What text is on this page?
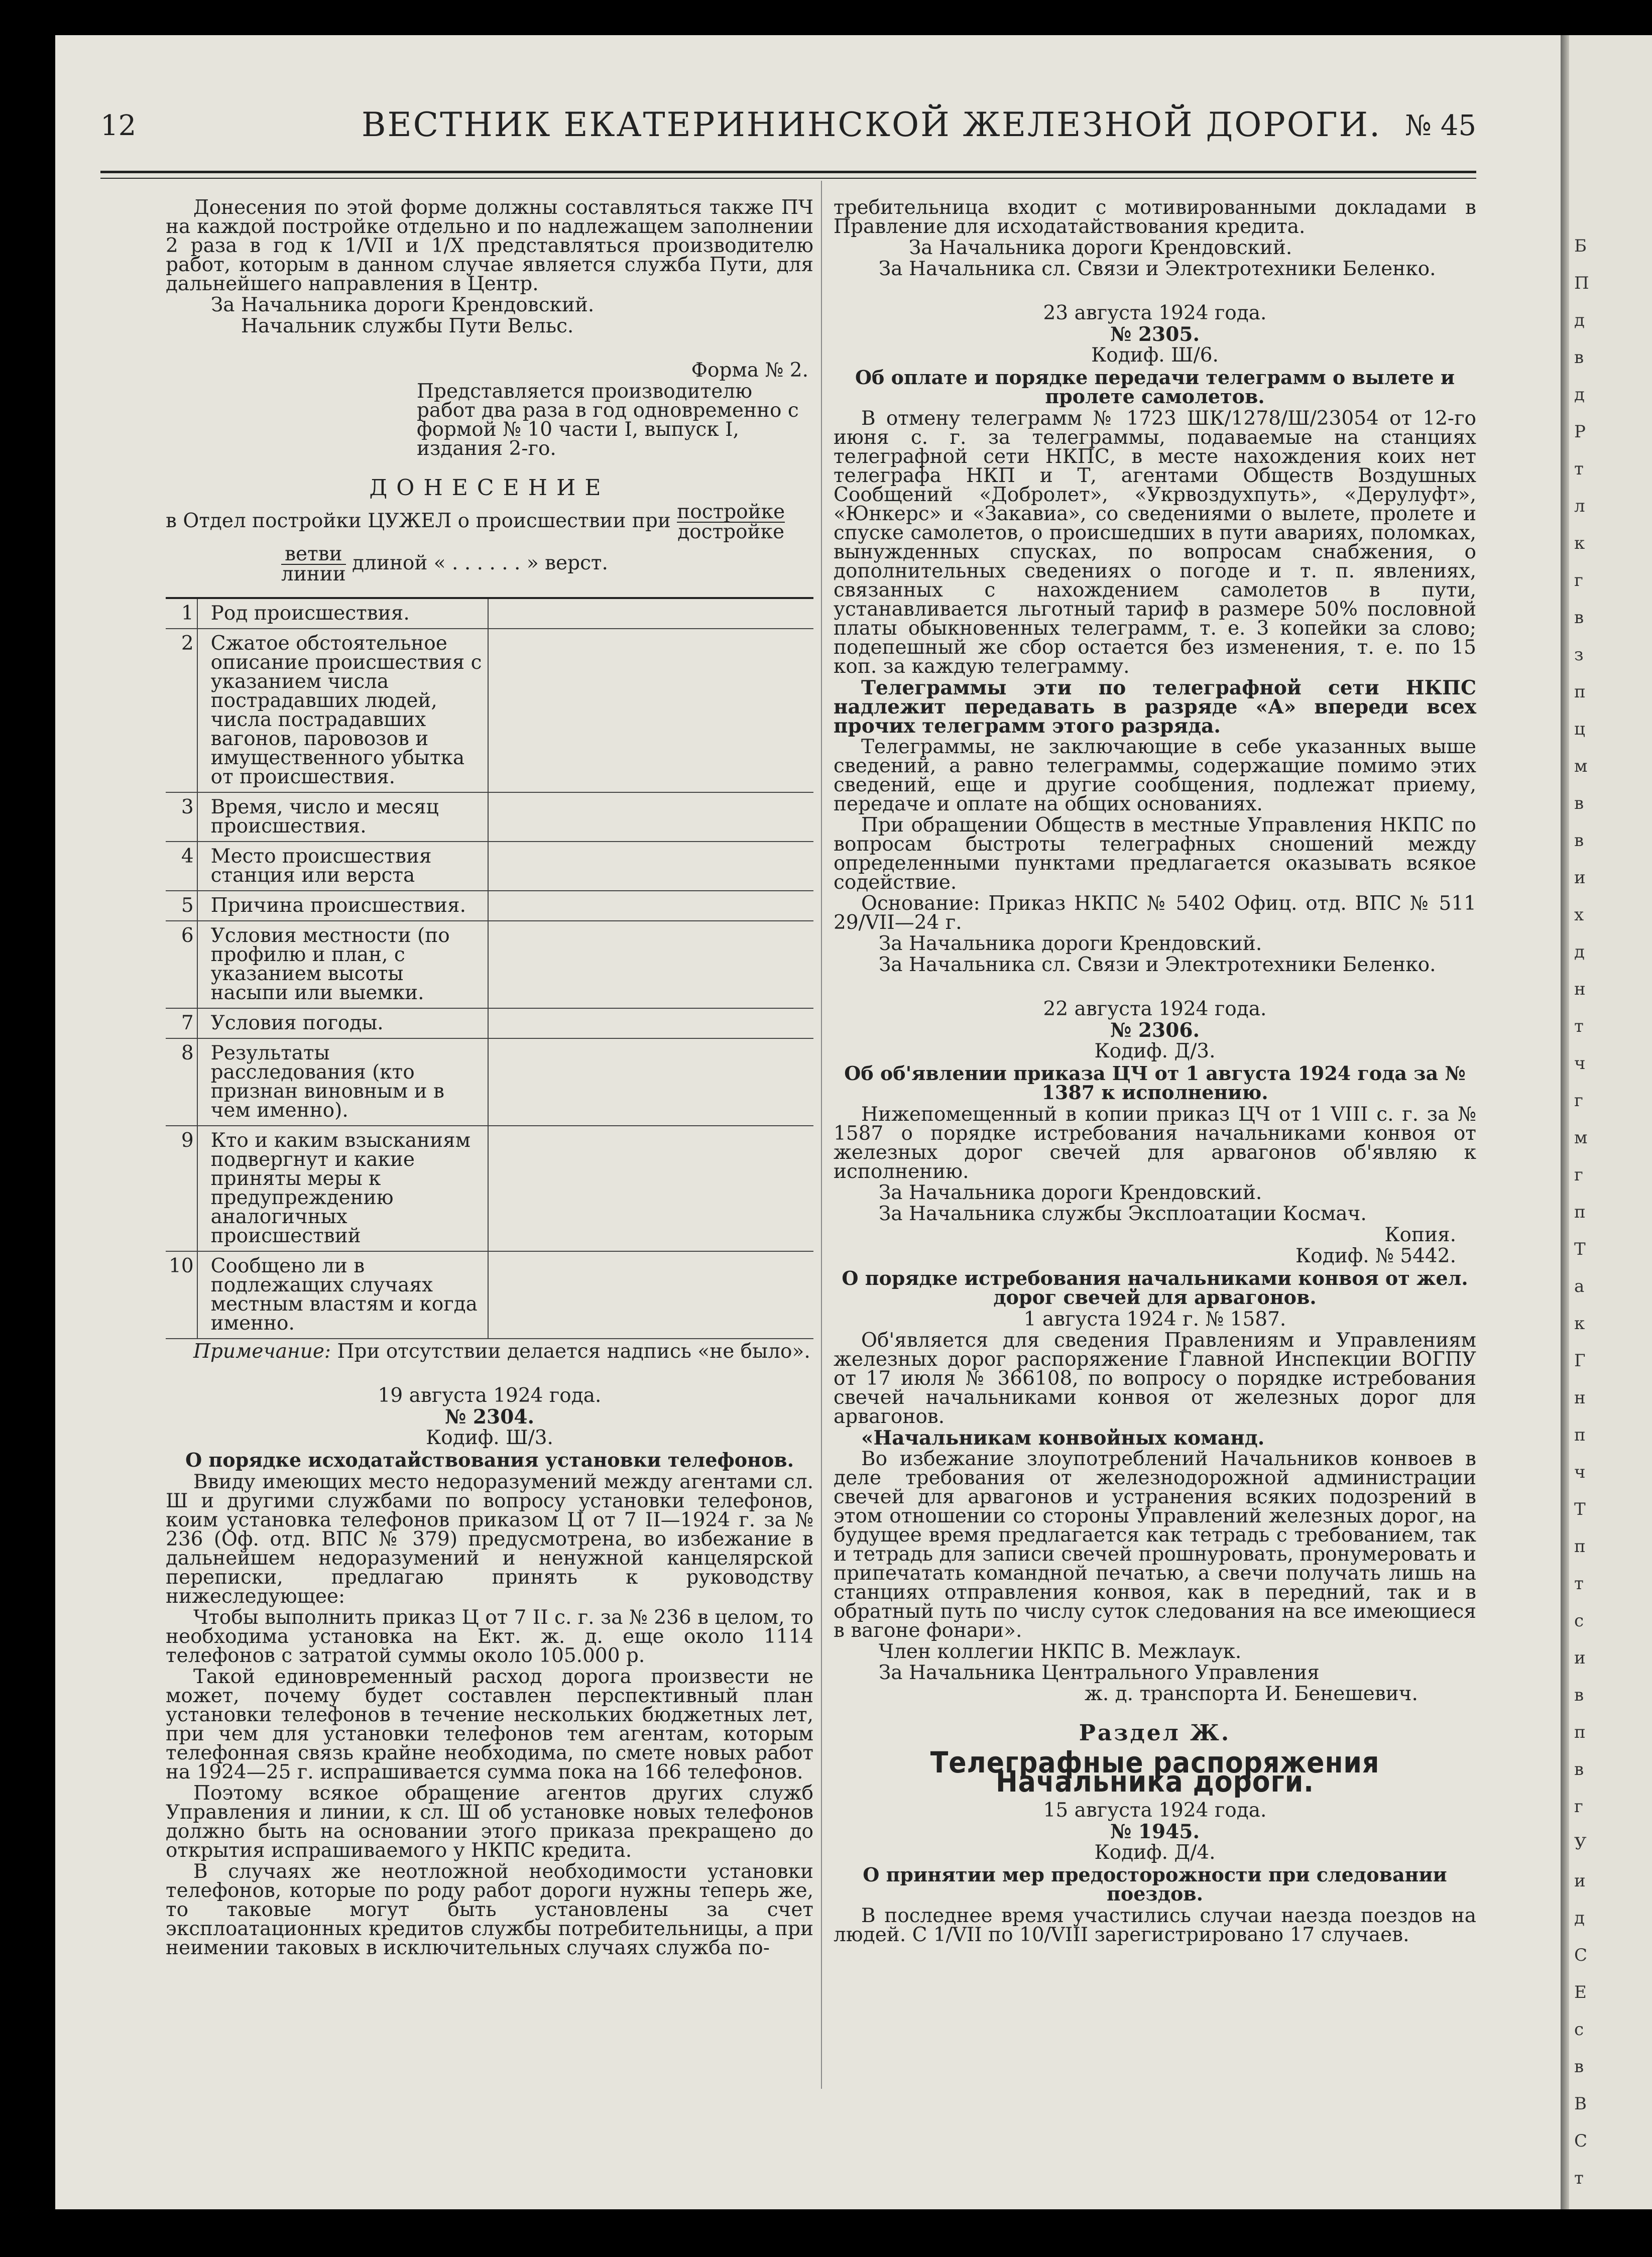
Б
П
д
в
д
Р
т
л
к
г
в
з
п
ц
м
в
в
и
х
д
н
т
ч
г
м
г
п
Т
а
к
Г
н
п
ч
Т
п
т
с
и
в
п
в
г
У
и
д
С
Е
с
в
В
С
т
12	ВЕСТНИК ЕКАТЕРИНИНСКОЙ ЖЕЛЕЗНОЙ ДОРОГИ. № 45

Донесения по этой форме должны составляться также ПЧ на каждой постройке отдельно и по надлежащем заполнении 2 раза в год к 1/VII и 1/X представляться производителю работ, которым в данном случае является служба Пути, для дальнейшего направления в Центр.

За Начальника дороги Крендовский.

Начальник службы Пути Вельс.

Форма № 2.

Представляется производителю работ два раза в год одновременно с формой № 10 части I, выпуск I, издания 2-го.

ДОНЕСЕНИЕ

в Отдел постройки ЦУЖЕЛ о происшествии при $\frac{\text{постройке}}{\text{достройке}}$
$\frac{\text{ветви}}{\text{линии}}$ длиной « . . . . . . » верст.
1	Род происшествия.	
2	Сжатое обстоятельное описание происшествия с указанием числа пострадавших людей, числа пострадавших вагонов, паровозов и имущественного убытка от происшествия.	
3	Время, число и месяц происшествия.	
4	Место происшествия станция или верста	
5	Причина происшествия.	
6	Условия местности (по профилю и план, с указанием высоты насыпи или выемки.	
7	Условия погоды.	
8	Результаты расследования (кто признан виновным и в чем именно).	
9	Кто и каким взысканиям подвергнут и какие приняты меры к предупреждению аналогичных происшествий	
10	Сообщено ли в подлежащих случаях местным властям и когда именно.	

Примечание: При отсутствии делается надпись «не было».

19 августа 1924 года.

№ 2304.

Кодиф. Ш/3.

О порядке исходатайствования установки телефонов.

Ввиду имеющих место недоразумений между агентами сл. Ш и другими службами по вопросу установки телефонов, коим установка телефонов приказом Ц от 7 II—1924 г. за № 236 (Оф. отд. ВПС № 379) предусмотрена, во избежание в дальнейшем недоразумений и ненужной канцелярской переписки, предлагаю принять к руководству нижеследующее:

Чтобы выполнить приказ Ц от 7 II с. г. за № 236 в целом, то необходима установка на Ект. ж. д. еще около 1114 телефонов с затратой суммы около 105.000 р.

Такой единовременный расход дорога произвести не может, почему будет составлен перспективный план установки телефонов в течение нескольких бюджетных лет, при чем для установки телефонов тем агентам, которым телефонная связь крайне необходима, по смете новых работ на 1924—25 г. испрашивается сумма пока на 166 телефонов.

Поэтому всякое обращение агентов других служб Управления и линии, к сл. Ш об установке новых телефонов должно быть на основании этого приказа прекращено до открытия испрашиваемого у НКПС кредита.

В случаях же неотложной необходимости установки телефонов, которые по роду работ дороги нужны теперь же, то таковые могут быть установлены за счет эксплоатационных кредитов службы потребительницы, а при неимении таковых в исключительных случаях служба по-

требительница входит с мотивированными докладами в Правление для исходатайствования кредита.

За Начальника дороги Крендовский.

За Начальника сл. Связи и Электротехники Беленко.

23 августа 1924 года.

№ 2305.

Кодиф. Ш/6.

Об оплате и порядке передачи телеграмм о вылете и пролете самолетов.

В отмену телеграмм № 1723 ШК/1278/Ш/23054 от 12-го июня с. г. за телеграммы, подаваемые на станциях телеграфной сети НКПС, в месте нахождения коих нет телеграфа НКП и Т, агентами Обществ Воздушных Сообщений «Добролет», «Укрвоздухпуть», «Дерулуфт», «Юнкерс» и «Закавиа», со сведениями о вылете, пролете и спуске самолетов, о происшедших в пути авариях, поломках, вынужденных спусках, по вопросам снабжения, о дополнительных сведениях о погоде и т. п. явлениях, связанных с нахождением самолетов в пути, устанавливается льготный тариф в размере 50% пословной платы обыкновенных телеграмм, т. е. 3 копейки за слово; подепешный же сбор остается без изменения, т. е. по 15 коп. за каждую телеграмму.

Телеграммы эти по телеграфной сети НКПС надлежит передавать в разряде «А» впереди всех прочих телеграмм этого разряда.

Телеграммы, не заключающие в себе указанных выше сведений, а равно телеграммы, содержащие помимо этих сведений, еще и другие сообщения, подлежат приему, передаче и оплате на общих основаниях.

При обращении Обществ в местные Управления НКПС по вопросам быстроты телеграфных сношений между определенными пунктами предлагается оказывать всякое содействие.

Основание: Приказ НКПС № 5402 Офиц. отд. ВПС № 511 29/VII—24 г.

За Начальника дороги Крендовский.

За Начальника сл. Связи и Электротехники Беленко.

22 августа 1924 года.

№ 2306.

Кодиф. Д/3.

Об об'явлении приказа ЦЧ от 1 августа 1924 года за № 1387 к исполнению.

Нижепомещенный в копии приказ ЦЧ от 1 VIII с. г. за № 1587 о порядке истребования начальниками конвоя от железных дорог свечей для арвагонов об'являю к исполнению.

За Начальника дороги Крендовский.

За Начальника службы Эксплоатации Космач.

Копия.

Кодиф. № 5442.

О порядке истребования начальниками конвоя от жел. дорог свечей для арвагонов.

1 августа 1924 г. № 1587.

Об'является для сведения Правлениям и Управлениям железных дорог распоряжение Главной Инспекции ВОГПУ от 17 июля № 366108, по вопросу о порядке истребования свечей начальниками конвоя от железных дорог для арвагонов.

«Начальникам конвойных команд.

Во избежание злоупотреблений Начальников конвоев в деле требования от железнодорожной администрации свечей для арвагонов и устранения всяких подозрений в этом отношении со стороны Управлений железных дорог, на будущее время предлагается как тетрадь с требованием, так и тетрадь для записи свечей прошнуровать, пронумеровать и припечатать командной печатью, а свечи получать лишь на станциях отправления конвоя, как в передний, так и в обратный путь по числу суток следования на все имеющиеся в вагоне фонари».

Член коллегии НКПС В. Межлаук.

За Начальника Центрального Управления

ж. д. транспорта И. Бенешевич.

Раздел Ж.

Телеграфные распоряжения Начальника дороги.

15 августа 1924 года.

№ 1945.

Кодиф. Д/4.

О принятии мер предосторожности при следовании поездов.

В последнее время участились случаи наезда поездов на людей. С 1/VII по 10/VIII зарегистрировано 17 случаев.
